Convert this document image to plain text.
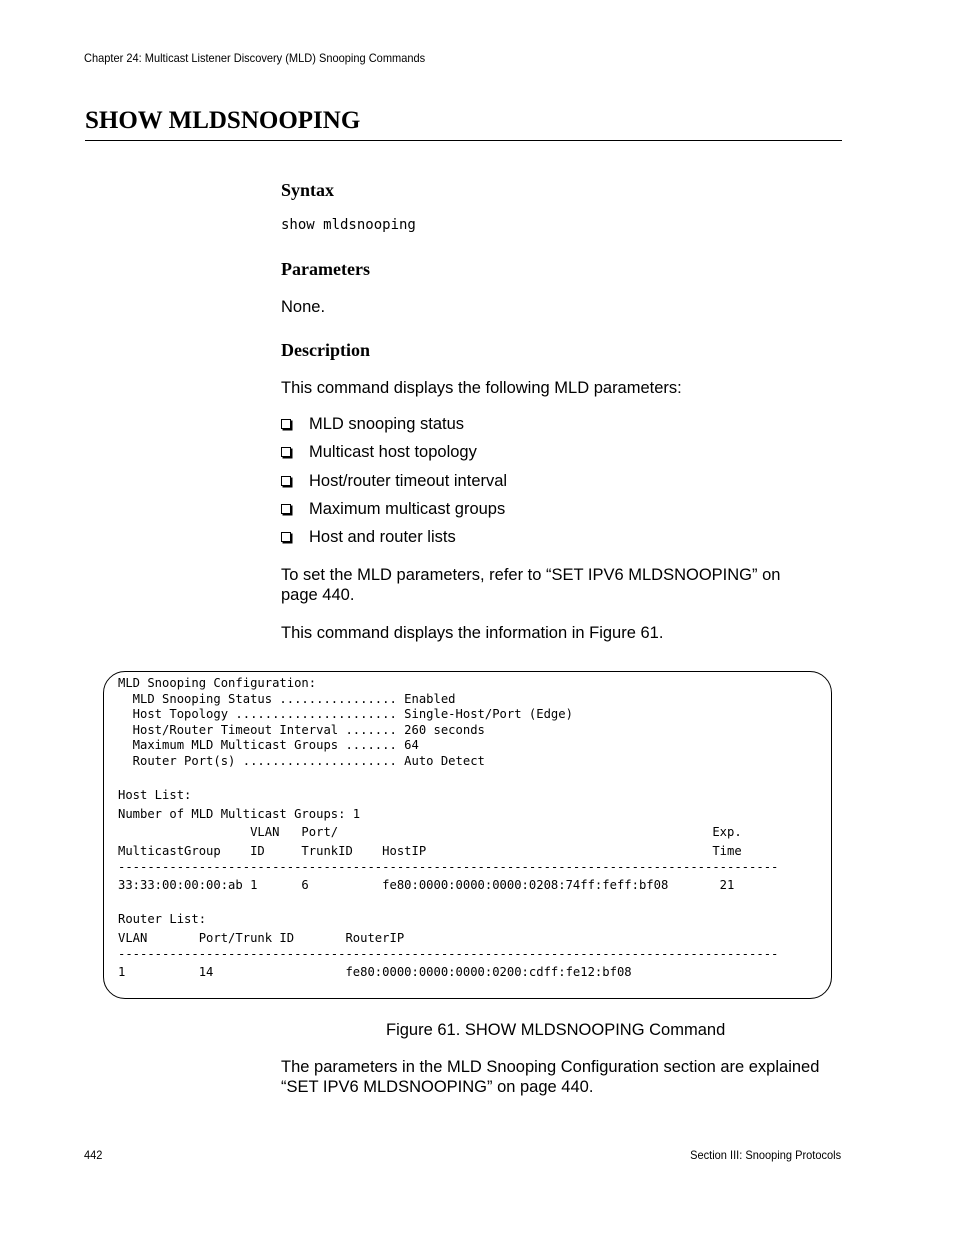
Chapter 24: Multicast Listener Discovery (MLD) Snooping Commands
SHOW MLDSNOOPING
Syntax
show mldsnooping
Parameters
None.
Description
This command displays the following MLD parameters:
MLD snooping status
Multicast host topology
Host/router timeout interval
Maximum multicast groups
Host and router lists
To set the MLD parameters, refer to “SET IPV6 MLDSNOOPING” on page 440.
This command displays the information in Figure 61.
MLD Snooping Configuration:
MLD Snooping Status ................ Enabled
Host Topology ...................... Single-Host/Port (Edge)
Host/Router Timeout Interval ....... 260 seconds
Maximum MLD Multicast Groups ....... 64
Router Port(s) ..................... Auto Detect

Host List:
Number of MLD Multicast Groups: 1
VLAN   Port/                                                   Exp.
MulticastGroup    ID     TrunkID    HostIP                                       Time
------------------------------------------------------------------------------------------
33:33:00:00:00:ab 1      6          fe80:0000:0000:0000:0208:74ff:feff:bf08       21

Router List:
VLAN       Port/Trunk ID       RouterIP
------------------------------------------------------------------------------------------
1          14                  fe80:0000:0000:0000:0200:cdff:fe12:bf08
Figure 61. SHOW MLDSNOOPING Command
The parameters in the MLD Snooping Configuration section are explained “SET IPV6 MLDSNOOPING” on page 440.
442	Section III: Snooping Protocols
